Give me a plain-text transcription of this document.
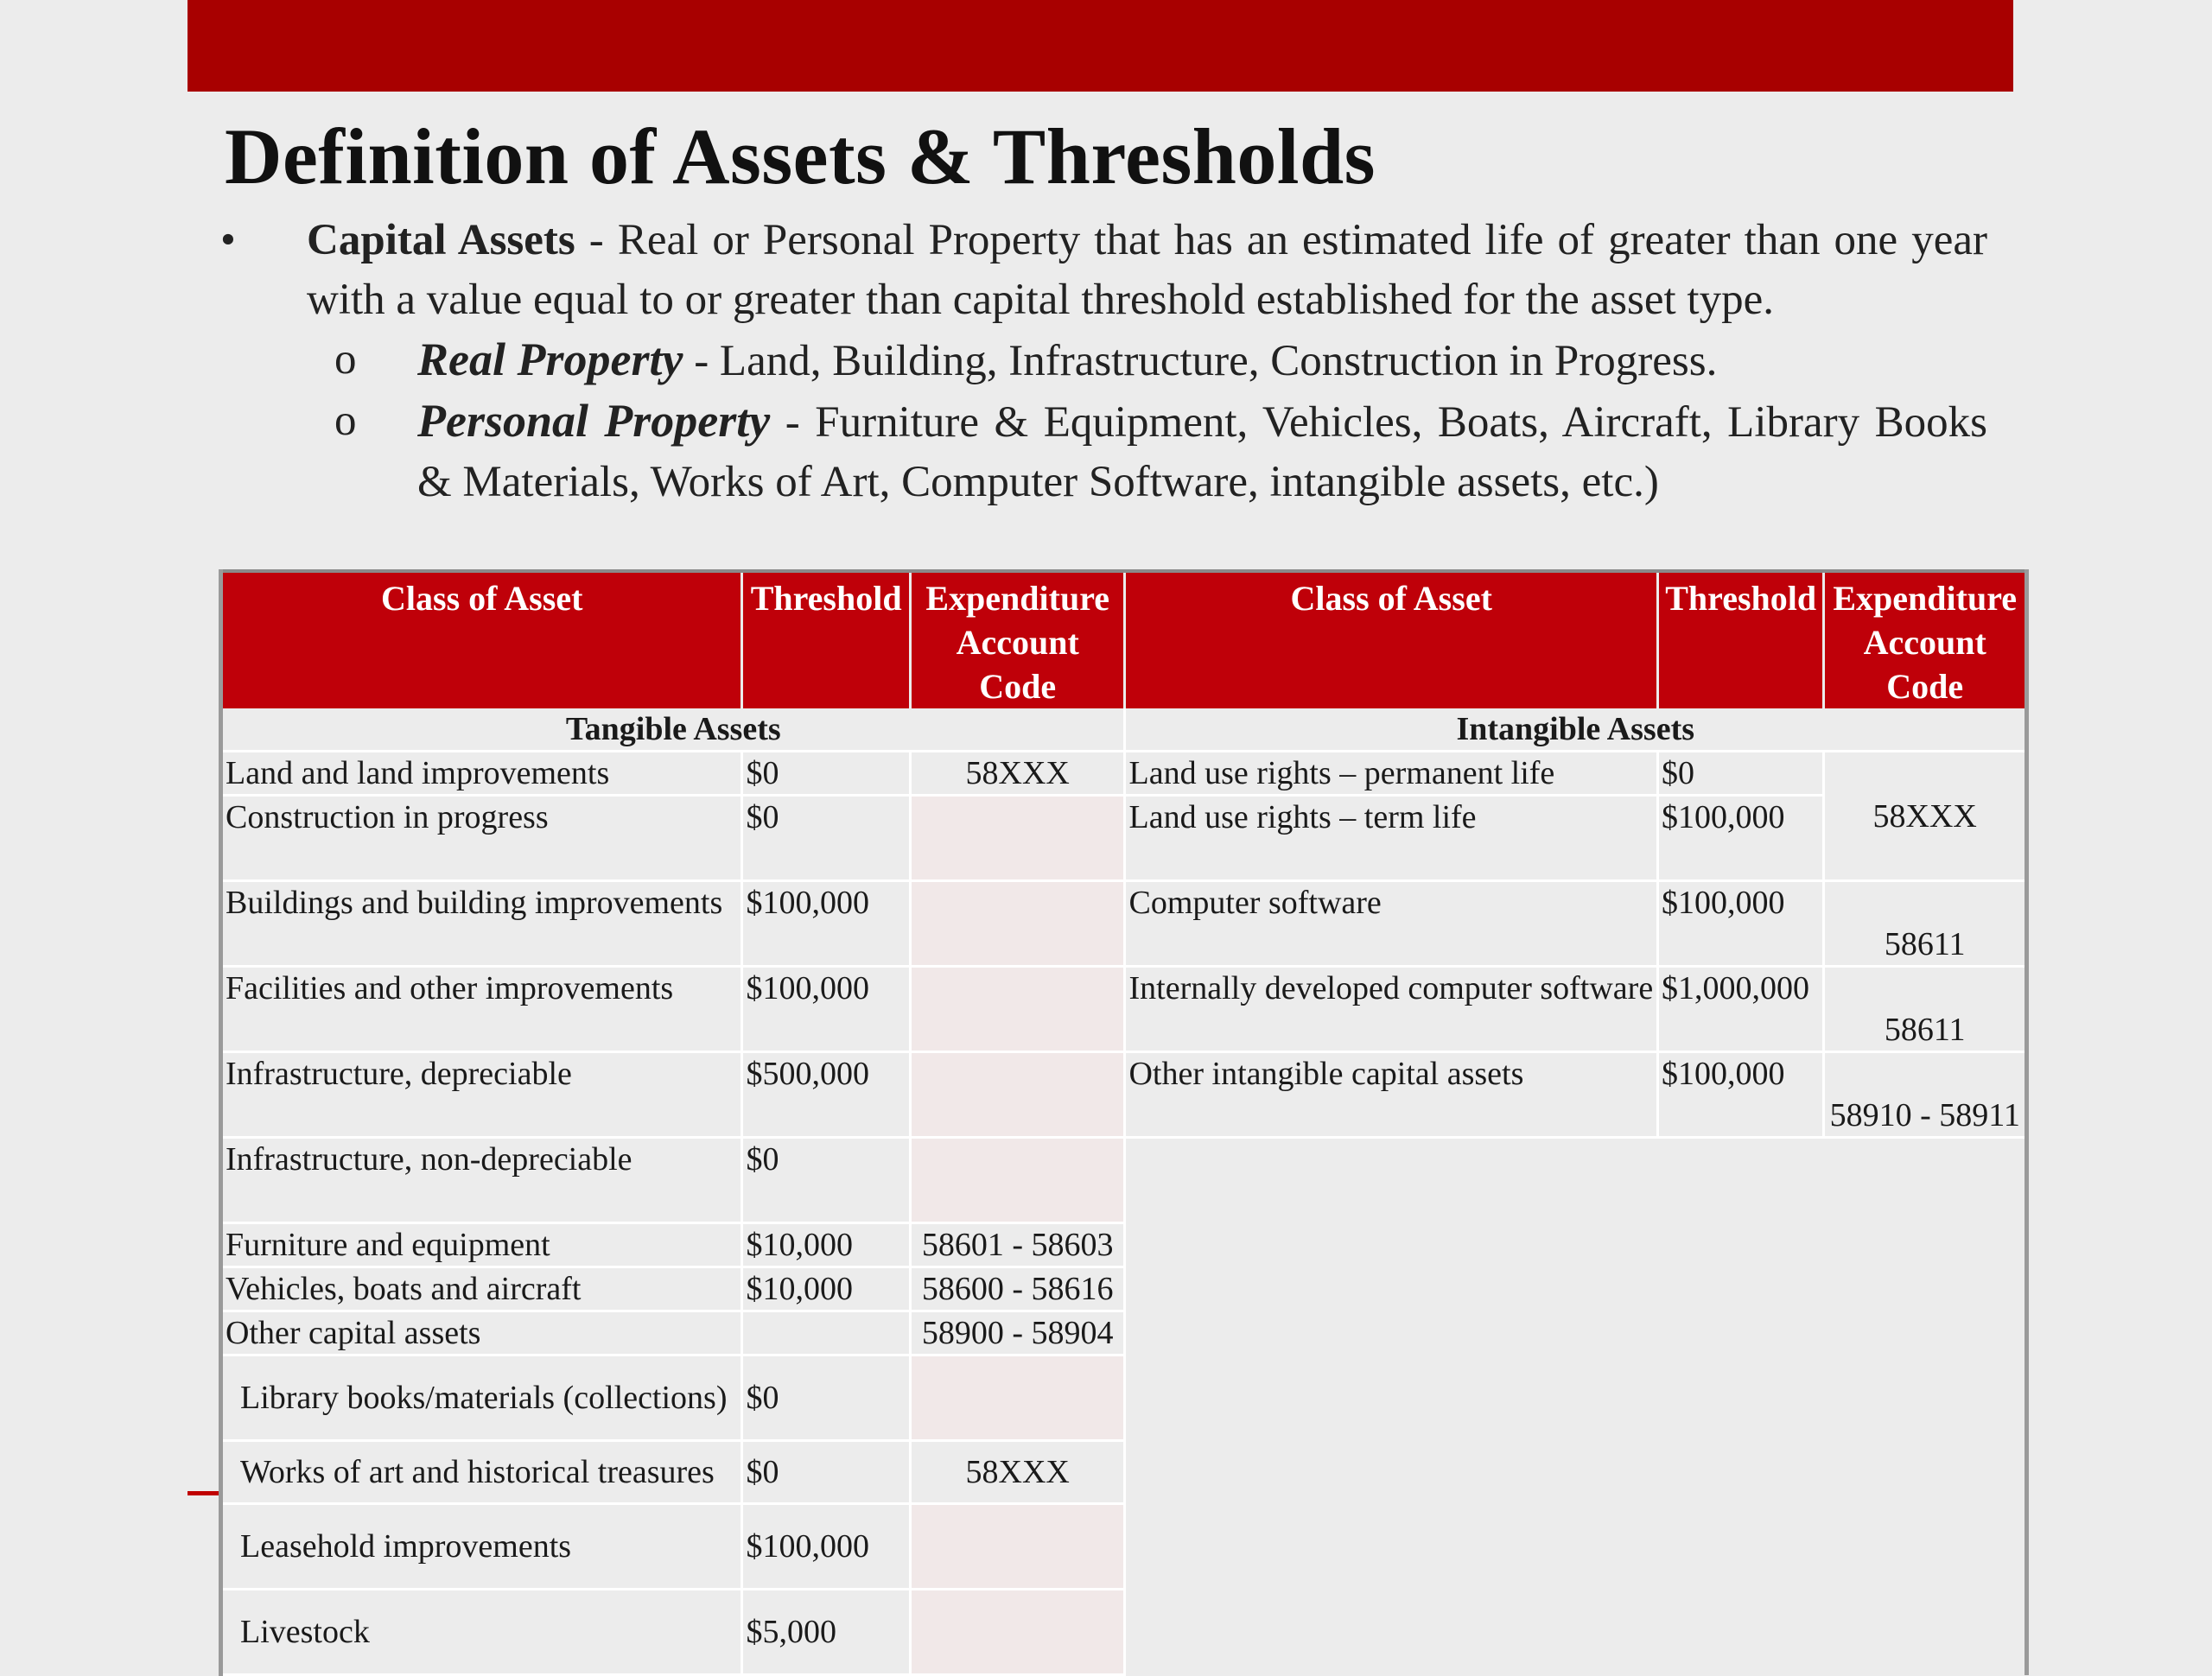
Definition of Assets & Thresholds
•	Capital Assets - Real or Personal Property that has an estimated life of greater than one year with a value equal to or greater than capital threshold established for the asset type.
o Real Property - Land, Building, Infrastructure, Construction in Progress.
o Personal Property - Furniture & Equipment, Vehicles, Boats, Aircraft, Library Books & Materials, Works of Art, Computer Software, intangible assets, etc.)
Class of Asset	Threshold	Expenditure Account Code	Class of Asset	Threshold	Expenditure Account Code
Tangible Assets			Intangible Assets		
Land and land improvements	$0	58XXX	Land use rights – permanent life	$0	58XXX
Construction in progress	$0		Land use rights – term life	$100,000	
Buildings and building improvements	$100,000		Computer software	$100,000	58611
Facilities and other improvements	$100,000		Internally developed computer software	$1,000,000	58611
Infrastructure, depreciable	$500,000		Other intangible capital assets	$100,000	58910 - 58911
Infrastructure, non-depreciable	$0				
Furniture and equipment	$10,000	58601 - 58603			
Vehicles, boats and aircraft	$10,000	58600 - 58616			
Other capital assets		58900 - 58904			
Library books/materials (collections)	$0				
Works of art and historical treasures	$0	58XXX			
Leasehold improvements	$100,000				
Livestock	$5,000				
